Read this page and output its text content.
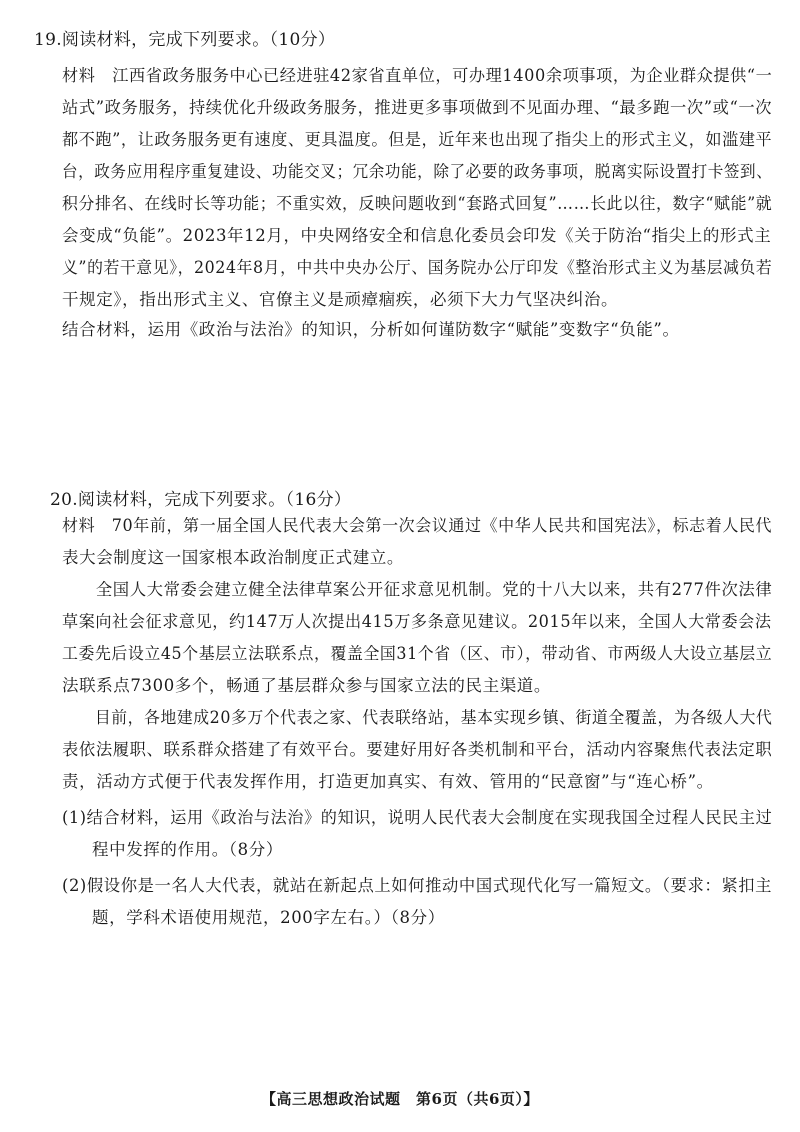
19.阅读材料，完成下列要求。（10分）
材料　江西省政务服务中心已经进驻42家省直单位，可办理1400余项事项，为企业群众提供“一
站式”政务服务，持续优化升级政务服务，推进更多事项做到不见面办理、“最多跑一次”或“一次
都不跑”，让政务服务更有速度、更具温度。但是，近年来也出现了指尖上的形式主义，如滥建平
台，政务应用程序重复建设、功能交叉；冗余功能，除了必要的政务事项，脱离实际设置打卡签到、
积分排名、在线时长等功能；不重实效，反映问题收到“套路式回复”……长此以往，数字“赋能”就
会变成“负能”。2023年12月，中央网络安全和信息化委员会印发《关于防治“指尖上的形式主
义”的若干意见》，2024年8月，中共中央办公厅、国务院办公厅印发《整治形式主义为基层减负若
干规定》，指出形式主义、官僚主义是顽瘴痼疾，必须下大力气坚决纠治。
结合材料，运用《政治与法治》的知识，分析如何谨防数字“赋能”变数字“负能”。
20.阅读材料，完成下列要求。（16分）
材料　70年前，第一届全国人民代表大会第一次会议通过《中华人民共和国宪法》，标志着人民代
表大会制度这一国家根本政治制度正式建立。
　　全国人大常委会建立健全法律草案公开征求意见机制。党的十八大以来，共有277件次法律
草案向社会征求意见，约147万人次提出415万多条意见建议。2015年以来，全国人大常委会法
工委先后设立45个基层立法联系点，覆盖全国31个省（区、市），带动省、市两级人大设立基层立
法联系点7300多个，畅通了基层群众参与国家立法的民主渠道。
　　目前，各地建成20多万个代表之家、代表联络站，基本实现乡镇、街道全覆盖，为各级人大代
表依法履职、联系群众搭建了有效平台。要建好用好各类机制和平台，活动内容聚焦代表法定职
责，活动方式便于代表发挥作用，打造更加真实、有效、管用的“民意窗”与“连心桥”。
(1)结合材料，运用《政治与法治》的知识，说明人民代表大会制度在实现我国全过程人民民主过
程中发挥的作用。（8分）
(2)假设你是一名人大代表，就站在新起点上如何推动中国式现代化写一篇短文。（要求：紧扣主
题，学科术语使用规范，200字左右。）（8分）
【高三思想政治试题　第6页（共6页）】
